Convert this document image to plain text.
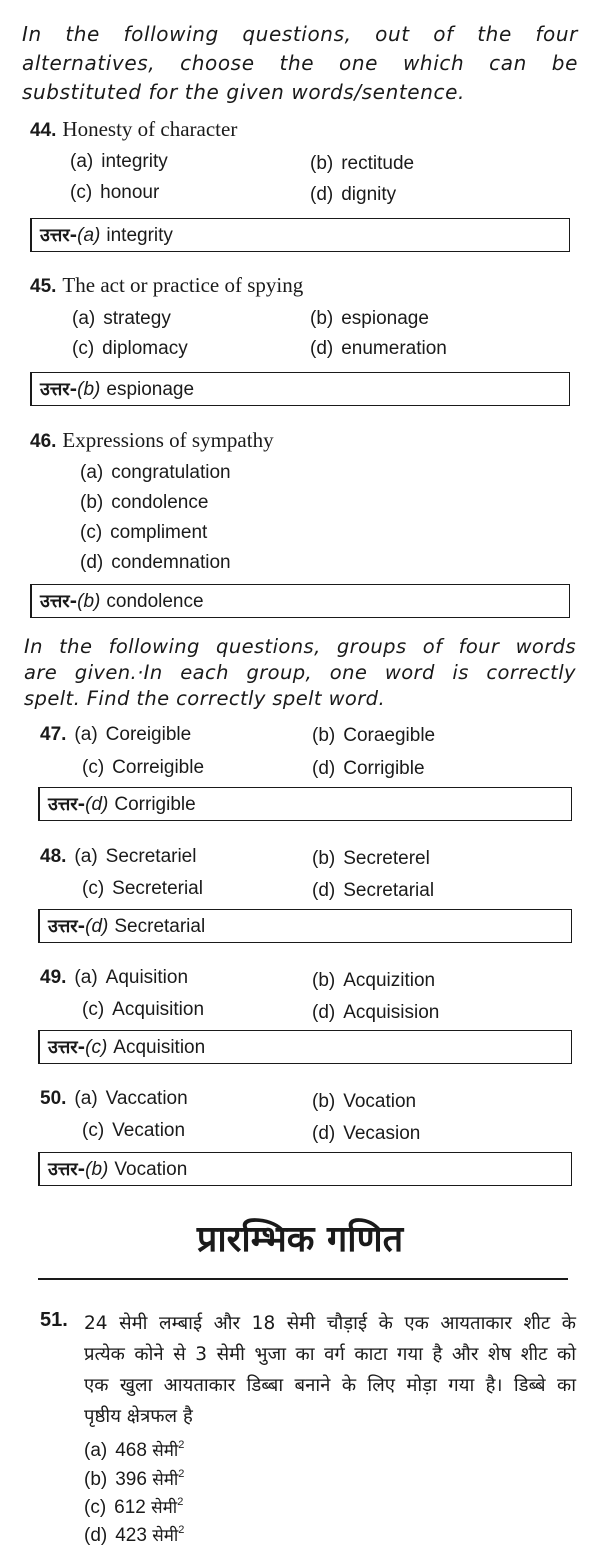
In the following questions, out of the four
alternatives, choose the one which can be
substituted for the given words/sentence.

44. Honesty of character
(a) integrity	(b) rectitude
(c) honour	(d) dignity
उत्तर-(a) integrity
45. The act or practice of spying
(a) strategy	(b) espionage
(c) diplomacy	(d) enumeration
उत्तर-(b) espionage
46. Expressions of sympathy
(a) congratulation
(b) condolence
(c) compliment
(d) condemnation
उत्तर-(b) condolence

In the following questions, groups of four words
are given.·In each group, one word is correctly
spelt. Find the correctly spelt word.

47. (a) Coreigible	(b) Coraegible
(c) Correigible	(d) Corrigible
उत्तर-(d) Corrigible
48. (a) Secretariel	(b) Secreterel
(c) Secreterial	(d) Secretarial
उत्तर-(d) Secretarial
49. (a) Aquisition	(b) Acquizition
(c) Acquisition	(d) Acquisision
उत्तर-(c) Acquisition
50. (a) Vaccation	(b) Vocation
(c) Vecation	(d) Vecasion
उत्तर-(b) Vocation
प्रारम्भिक गणित
51. 24 सेमी लम्बाई और 18 सेमी चौड़ाई के एक आयताकार शीट के
प्रत्येक कोने से 3 सेमी भुजा का वर्ग काटा गया है और शेष शीट को
एक खुला आयताकार डिब्बा बनाने के लिए मोड़ा गया है। डिब्बे का
पृष्ठीय क्षेत्रफल है
(a) 468 सेमी$^2$
(b) 396 सेमी$^2$
(c) 612 सेमी$^2$
(d) 423 सेमी$^2$
